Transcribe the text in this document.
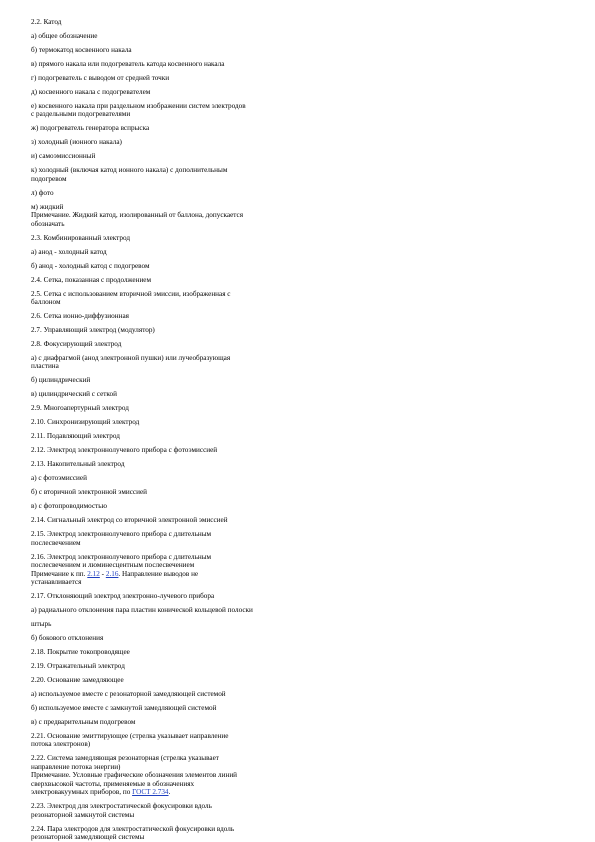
2.2. Катод
а) общее обозначение
б) термокатод косвенного накала
в) прямого накала или подогреватель катода косвенного накала
г) подогреватель с выводом от средней точки
д) косвенного накала с подогревателем
е) косвенного накала при раздельном изображении систем электродов
с раздельными подогревателями
ж) подогреватель генератора вспрыска
з) холодный (ионного накала)
и) самоэмиссионный
к) холодный (включая катод ионного накала) с дополнительным
подогревом
л) фото
м) жидкий
Примечание. Жидкий катод, изолированный от баллона, допускается
обозначать
2.3. Комбинированный электрод
а) анод - холодный катод
б) анод - холодный катод с подогревом
2.4. Сетка, показанная с продолжением
2.5. Сетка с использованием вторичной эмиссии, изображенная с
баллоном
2.6. Сетка ионно-диффузионная
2.7. Управляющий электрод (модулятор)
2.8. Фокусирующий электрод
а) с диафрагмой (анод электронной пушки) или лучеобразующая
пластина
б) цилиндрический
в) цилиндрический с сеткой
2.9. Многоапертурный электрод
2.10. Синхронизирующий электрод
2.11. Подавляющий электрод
2.12. Электрод электроннолучевого прибора с фотоэмиссией
2.13. Накопительный электрод
а) с фотоэмиссией
б) с вторичной электронной эмиссией
в) с фотопроводимостью
2.14. Сигнальный электрод со вторичной электронной эмиссией
2.15. Электрод электроннолучевого прибора с длительным
послесвечением
2.16. Электрод электроннолучевого прибора с длительным
послесвечением и люминесцентным послесвечением
Примечание к пп. 2.12 - 2.16. Направление выводов не
устанавливается
2.17. Отклоняющий электрод электронно-лучевого прибора
а) радиального отклонения пара пластин конической кольцевой полоски
штырь
б) бокового отклонения
2.18. Покрытие токопроводящее
2.19. Отражательный электрод
2.20. Основание замедляющее
а) используемое вместе с резонаторной замедляющей системой
б) используемое вместе с замкнутой замедляющей системой
в) с предварительным подогревом
2.21. Основание эмиттирующее (стрелка указывает направление
потока электронов)
2.22. Система замедляющая резонаторная (стрелка указывает
направление потока энергии)
Примечание. Условные графические обозначения элементов линий
сверхвысокой частоты, применяемые в обозначениях
электровакуумных приборов, по ГОСТ 2.734.
2.23. Электрод для электростатической фокусировки вдоль
резонаторной замкнутой системы
2.24. Пара электродов для электростатической фокусировки вдоль
резонаторной замедляющей системы
